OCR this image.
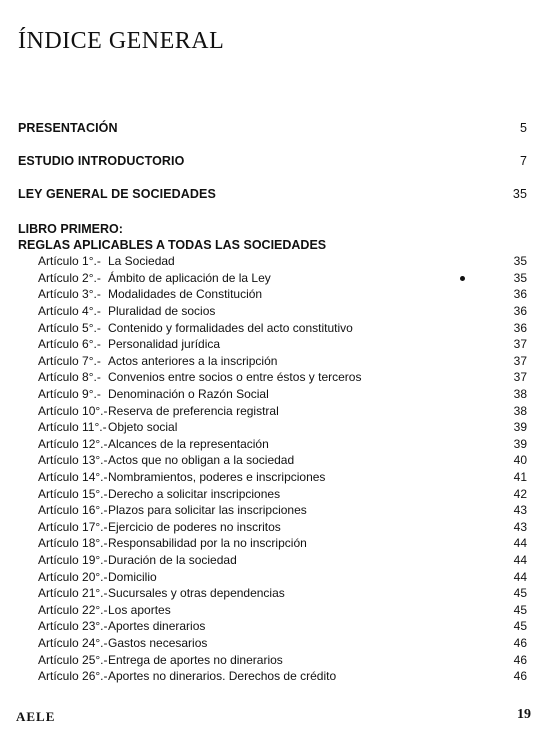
ÍNDICE GENERAL
PRESENTACIÓN	5
ESTUDIO INTRODUCTORIO	7
LEY GENERAL DE SOCIEDADES	35
LIBRO PRIMERO:
REGLAS APLICABLES A TODAS LAS SOCIEDADES
Artículo 1°.- La Sociedad	35
Artículo 2°.- Ámbito de aplicación de la Ley	35
Artículo 3°.- Modalidades de Constitución	36
Artículo 4°.- Pluralidad de socios	36
Artículo 5°.- Contenido y formalidades del acto constitutivo	36
Artículo 6°.- Personalidad jurídica	37
Artículo 7°.- Actos anteriores a la inscripción	37
Artículo 8°.- Convenios entre socios o entre éstos y terceros	37
Artículo 9°.- Denominación o Razón Social	38
Artículo 10°.- Reserva de preferencia registral	38
Artículo 11°.- Objeto social	39
Artículo 12°.- Alcances de la representación	39
Artículo 13°.- Actos que no obligan a la sociedad	40
Artículo 14°.- Nombramientos, poderes e inscripciones	41
Artículo 15°.- Derecho a solicitar inscripciones	42
Artículo 16°.- Plazos para solicitar las inscripciones	43
Artículo 17°.- Ejercicio de poderes no inscritos	43
Artículo 18°.- Responsabilidad por la no inscripción	44
Artículo 19°.- Duración de la sociedad	44
Artículo 20°.- Domicilio	44
Artículo 21°.- Sucursales y otras dependencias	45
Artículo 22°.- Los aportes	45
Artículo 23°.- Aportes dinerarios	45
Artículo 24°.- Gastos necesarios	46
Artículo 25°.- Entrega de aportes no dinerarios	46
Artículo 26°.- Aportes no dinerarios. Derechos de crédito	46
AELE	19
